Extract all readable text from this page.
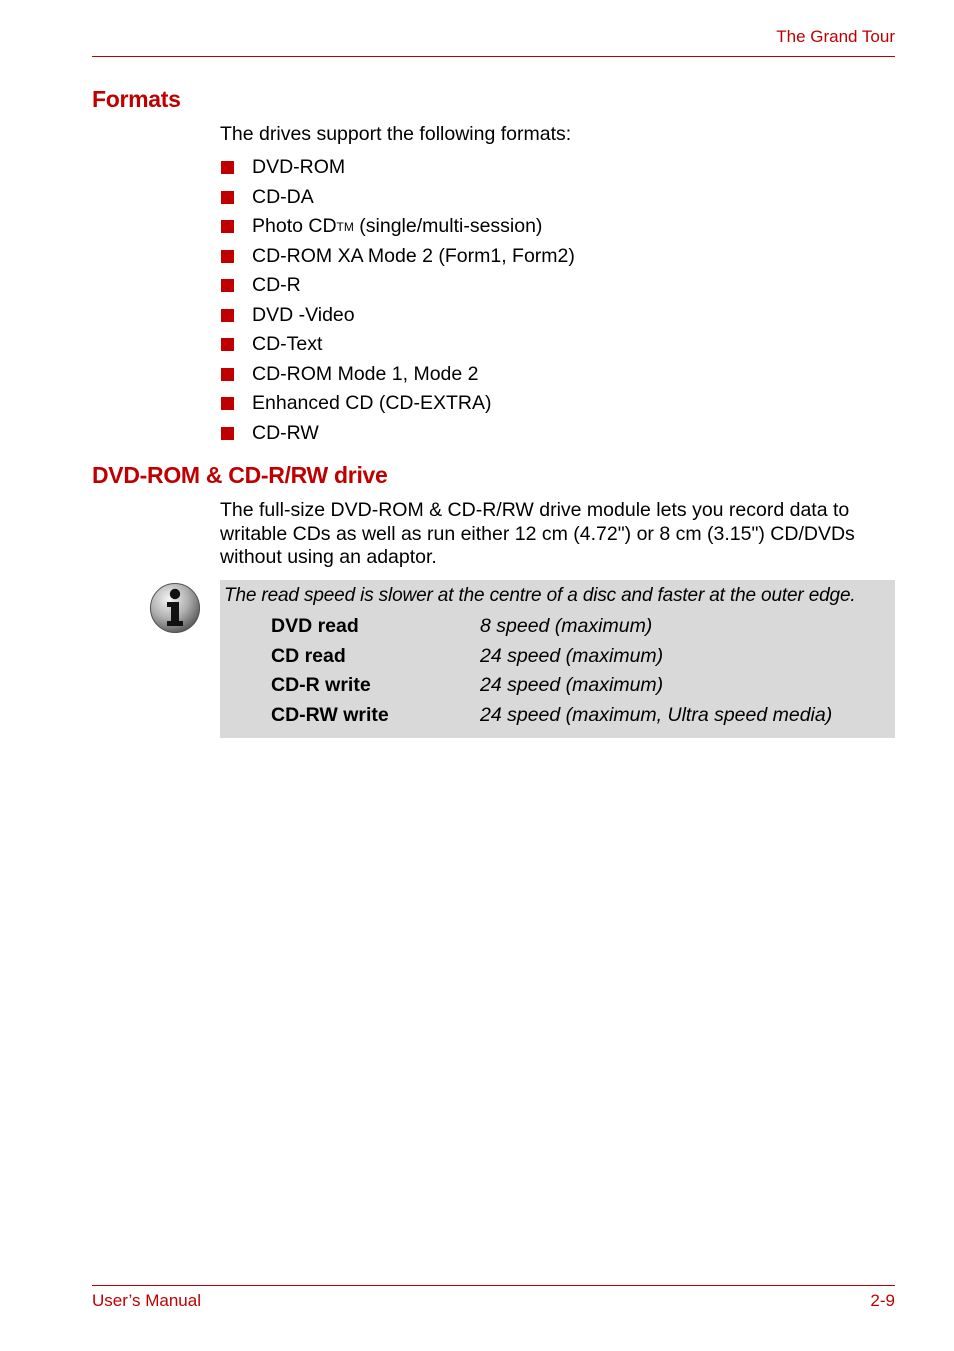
The Grand Tour
Formats

The drives support the following formats:

DVD-ROM
CD-DA
Photo CD TM (single/multi-session)
CD-ROM XA Mode 2 (Form1, Form2)
CD-R
DVD -Video
CD-Text
CD-ROM Mode 1, Mode 2
Enhanced CD (CD-EXTRA)
CD-RW
DVD-ROM & CD-R/RW drive

The full-size DVD-ROM & CD-R/RW drive module lets you record data to writable CDs as well as run either 12 cm (4.72") or 8 cm (3.15") CD/DVDs without using an adaptor.

The read speed is slower at the centre of a disc and faster at the outer edge.
DVD read	8 speed (maximum)
CD read	24 speed (maximum)
CD-R write	24 speed (maximum)
CD-RW write	24 speed (maximum, Ultra speed media)
User’s Manual	2-9
